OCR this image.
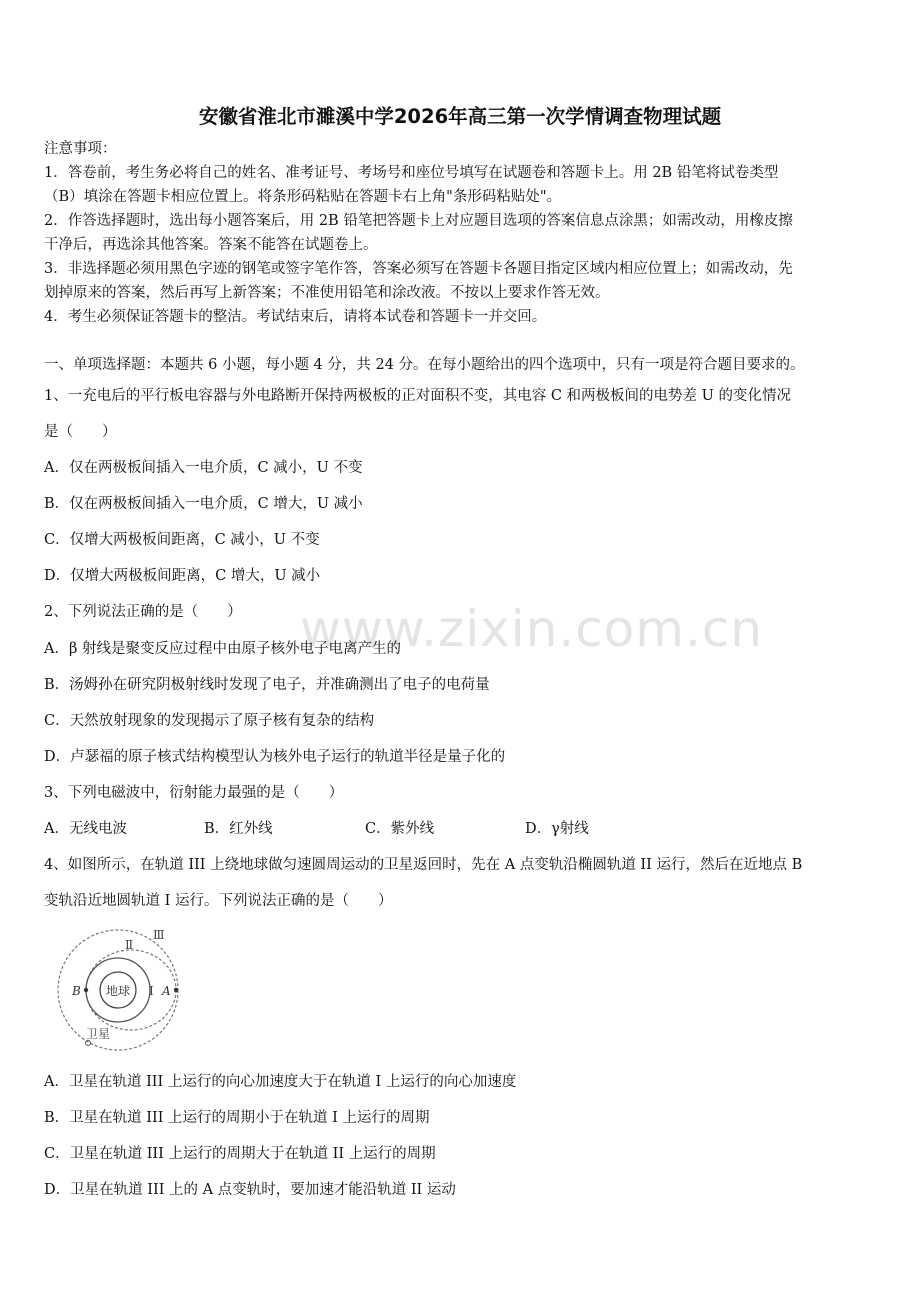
www.zixin.com.cn
安徽省淮北市濉溪中学2026年高三第一次学情调查物理试题
注意事项：
1．答卷前，考生务必将自己的姓名、准考证号、考场号和座位号填写在试题卷和答题卡上。用 2B 铅笔将试卷类型
（B）填涂在答题卡相应位置上。将条形码粘贴在答题卡右上角"条形码粘贴处"。
2．作答选择题时，选出每小题答案后，用 2B 铅笔把答题卡上对应题目选项的答案信息点涂黑；如需改动，用橡皮擦
干净后，再选涂其他答案。答案不能答在试题卷上。
3．非选择题必须用黑色字迹的钢笔或签字笔作答，答案必须写在答题卡各题目指定区域内相应位置上；如需改动，先
划掉原来的答案，然后再写上新答案；不准使用铅笔和涂改液。不按以上要求作答无效。
4．考生必须保证答题卡的整洁。考试结束后，请将本试卷和答题卡一并交回。
一、单项选择题：本题共 6 小题，每小题 4 分，共 24 分。在每小题给出的四个选项中，只有一项是符合题目要求的。
1、一充电后的平行板电容器与外电路断开保持两极板的正对面积不变，其电容 C 和两极板间的电势差 U 的变化情况
是（　　）
A．仅在两极板间插入一电介质，C 减小，U 不变
B．仅在两极板间插入一电介质，C 增大，U 减小
C．仅增大两极板间距离，C 减小，U 不变
D．仅增大两极板间距离，C 增大，U 减小
2、下列说法正确的是（　　）
A．β 射线是聚变反应过程中由原子核外电子电离产生的
B．汤姆孙在研究阴极射线时发现了电子，并准确测出了电子的电荷量
C．天然放射现象的发现揭示了原子核有复杂的结构
D．卢瑟福的原子核式结构模型认为核外电子运行的轨道半径是量子化的
3、下列电磁波中，衍射能力最强的是（　　）
A．无线电波	B．红外线	C．紫外线	D．γ射线
4、如图所示，在轨道 III 上绕地球做匀速圆周运动的卫星返回时，先在 A 点变轨沿椭圆轨道 II 运行，然后在近地点 B
变轨沿近地圆轨道 I 运行。下列说法正确的是（　　）
地球
Ⅲ
Ⅱ
I
B	A
卫星
A．卫星在轨道 III 上运行的向心加速度大于在轨道 I 上运行的向心加速度
B．卫星在轨道 III 上运行的周期小于在轨道 I 上运行的周期
C．卫星在轨道 III 上运行的周期大于在轨道 II 上运行的周期
D．卫星在轨道 III 上的 A 点变轨时，要加速才能沿轨道 II 运动
